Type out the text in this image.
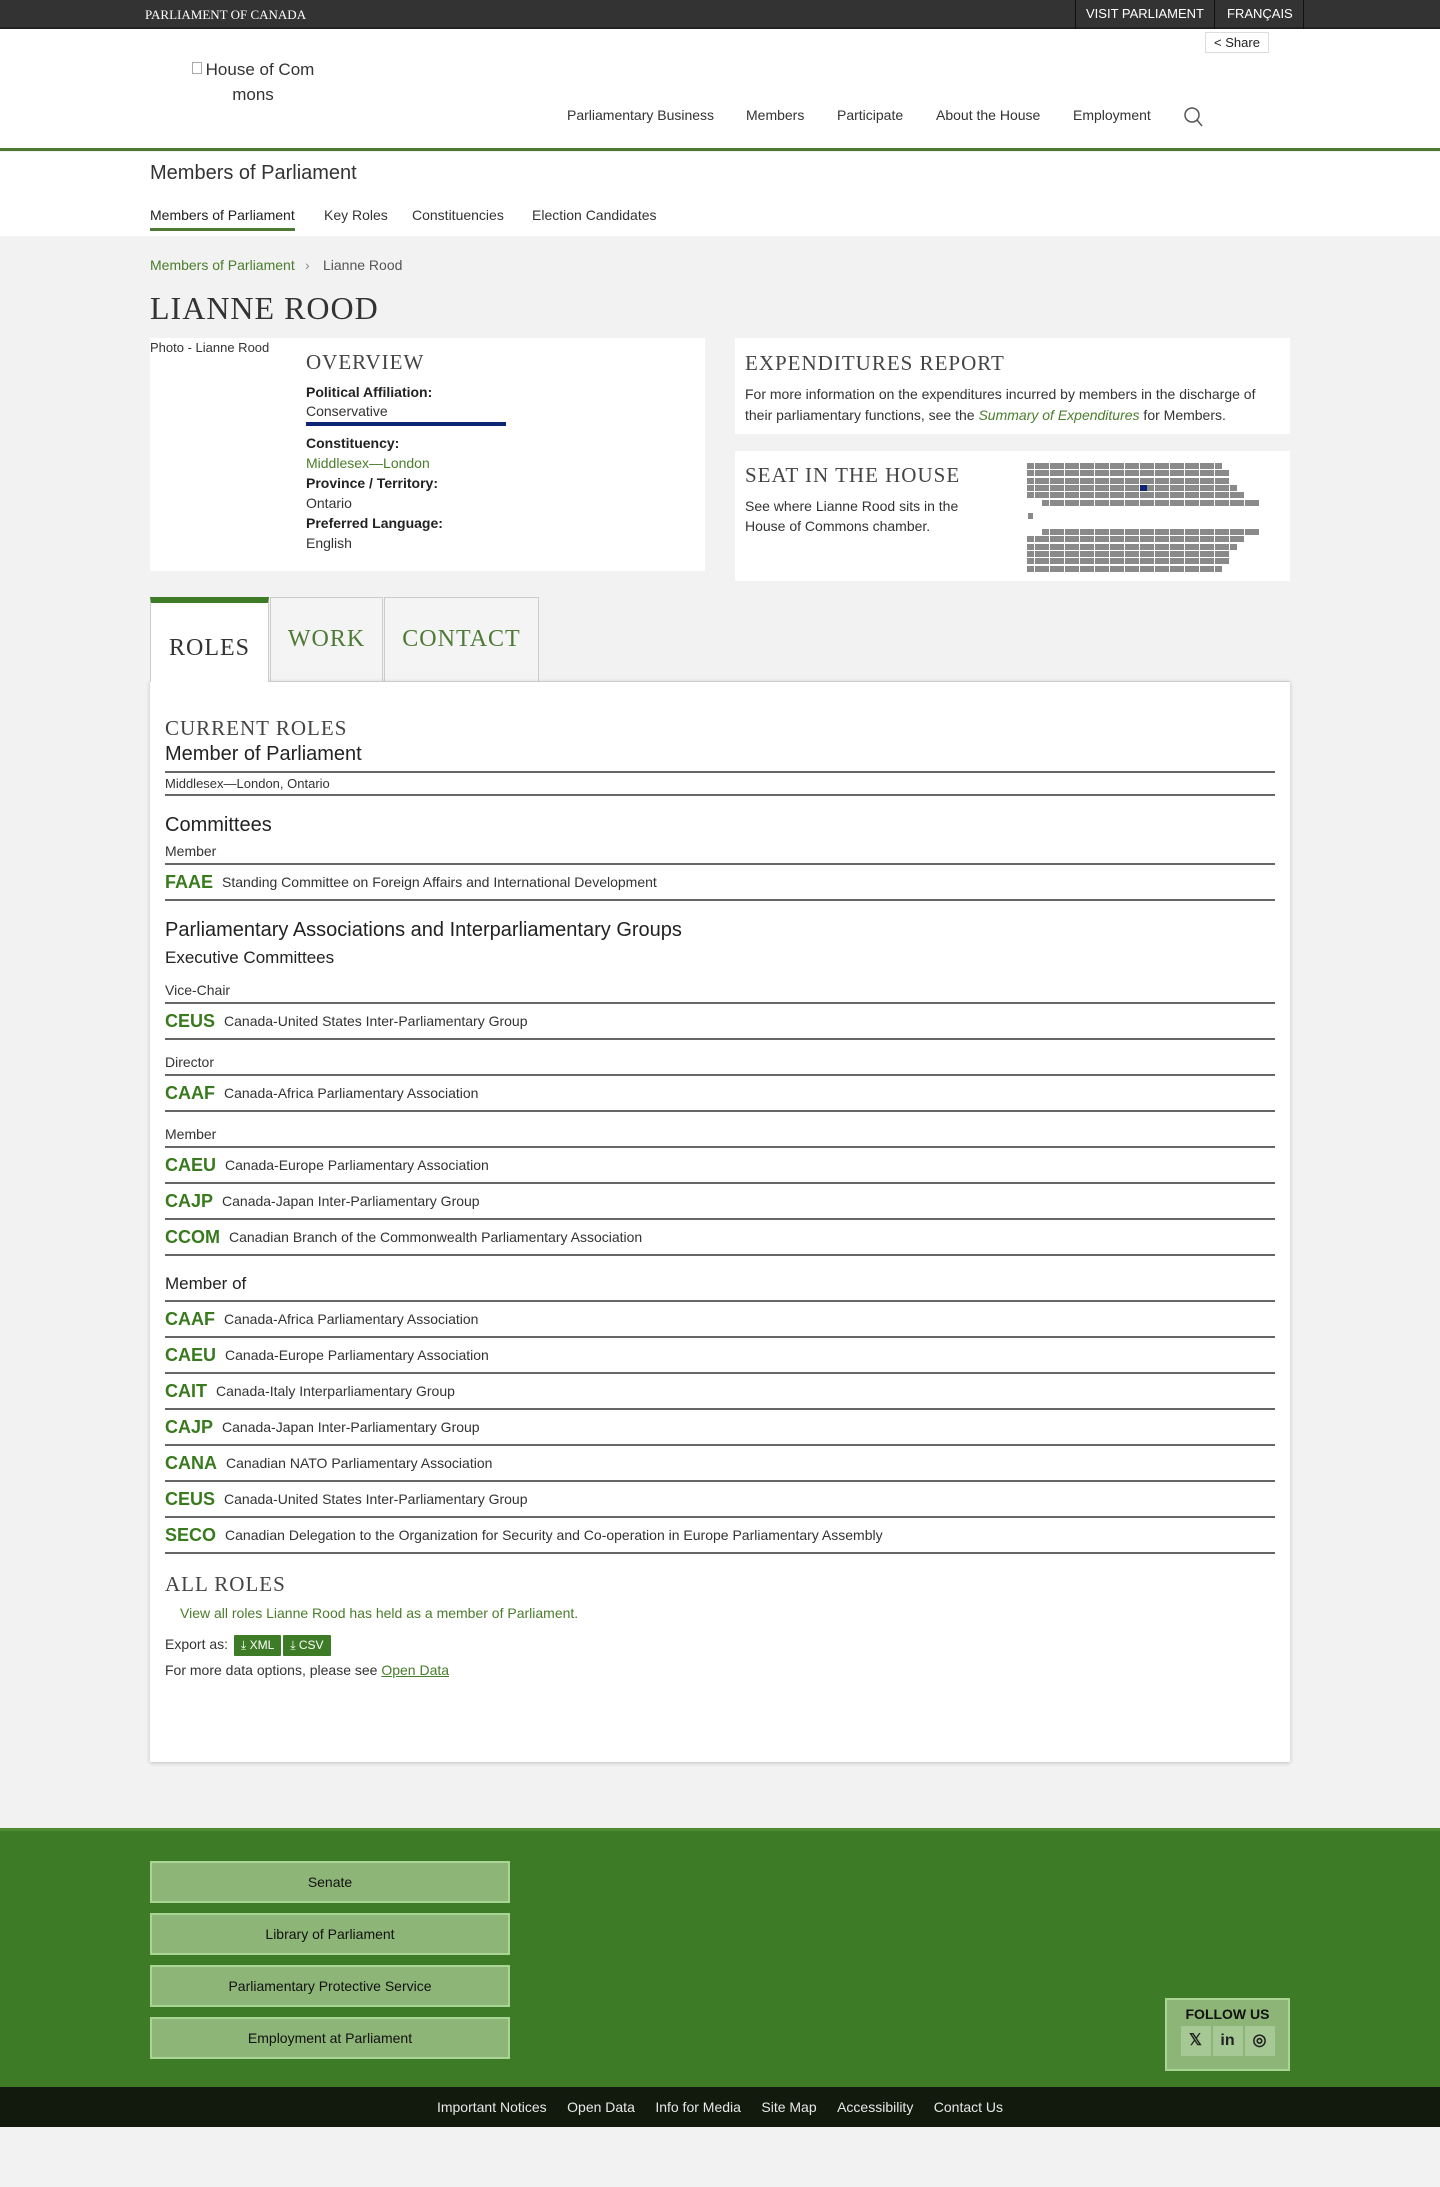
PARLIAMENT OF CANADA	VISIT PARLIAMENT	FRANÇAIS
< Share
House of Com
mons
Parliamentary Business Members Participate About the House Employment
Members of Parliament
Members of Parliament Key Roles Constituencies Election Candidates
Members of Parliament › Lianne Rood
LIANNE ROOD
Photo - Lianne Rood
OVERVIEW
Political Affiliation:
Conservative
Constituency:
Middlesex—London
Province / Territory:
Ontario
Preferred Language:
English
EXPENDITURES REPORT

For more information on the expenditures incurred by members in the discharge of their parliamentary functions, see the Summary of Expenditures for Members.

SEAT IN THE HOUSE

See where Lianne Rood sits in the House of Commons chamber.

ROLES	WORK	CONTACT
CURRENT ROLES
Member of Parliament
Middlesex—London, Ontario
Committees
Member
FAAE Standing Committee on Foreign Affairs and International Development
Parliamentary Associations and Interparliamentary Groups
Executive Committees
Vice-Chair
CEUS Canada-United States Inter-Parliamentary Group
Director
CAAF Canada-Africa Parliamentary Association
Member
CAEU Canada-Europe Parliamentary Association
CAJP Canada-Japan Inter-Parliamentary Group
CCOM Canadian Branch of the Commonwealth Parliamentary Association
Member of
CAAF Canada-Africa Parliamentary Association
CAEU Canada-Europe Parliamentary Association
CAIT Canada-Italy Interparliamentary Group
CAJP Canada-Japan Inter-Parliamentary Group
CANA Canadian NATO Parliamentary Association
CEUS Canada-United States Inter-Parliamentary Group
SECO Canadian Delegation to the Organization for Security and Co-operation in Europe Parliamentary Assembly
ALL ROLES
View all roles Lianne Rood has held as a member of Parliament.
Export as: ⤓ XML ⤓ CSV
For more data options, please see Open Data
Senate
Library of Parliament
Parliamentary Protective Service
Employment at Parliament
FOLLOW US
𝕏 in ◎
Important Notices Open Data Info for Media Site Map Accessibility Contact Us
